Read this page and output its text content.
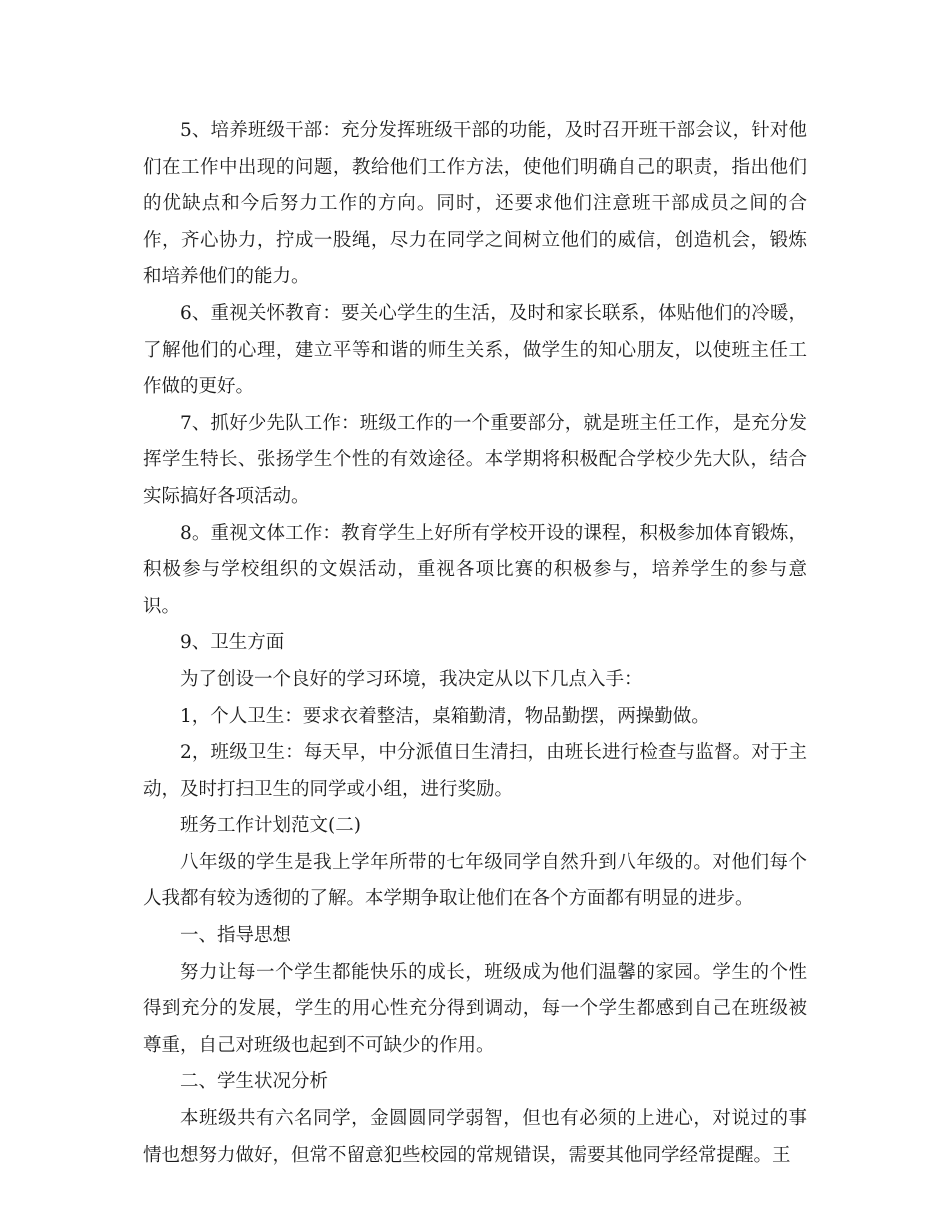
5、培养班级干部：充分发挥班级干部的功能，及时召开班干部会议，针对他们在工作中出现的问题，教给他们工作方法，使他们明确自己的职责，指出他们的优缺点和今后努力工作的方向。同时，还要求他们注意班干部成员之间的合作，齐心协力，拧成一股绳，尽力在同学之间树立他们的威信，创造机会，锻炼和培养他们的能力。

6、重视关怀教育：要关心学生的生活，及时和家长联系，体贴他们的冷暖，了解他们的心理，建立平等和谐的师生关系，做学生的知心朋友，以使班主任工作做的更好。

7、抓好少先队工作：班级工作的一个重要部分，就是班主任工作，是充分发挥学生特长、张扬学生个性的有效途径。本学期将积极配合学校少先大队，结合实际搞好各项活动。

8。重视文体工作：教育学生上好所有学校开设的课程，积极参加体育锻炼，积极参与学校组织的文娱活动，重视各项比赛的积极参与，培养学生的参与意识。

9、卫生方面

为了创设一个良好的学习环境，我决定从以下几点入手：

1，个人卫生：要求衣着整洁，桌箱勤清，物品勤摆，两操勤做。

2，班级卫生：每天早，中分派值日生清扫，由班长进行检查与监督。对于主动，及时打扫卫生的同学或小组，进行奖励。

班务工作计划范文(二)

八年级的学生是我上学年所带的七年级同学自然升到八年级的。对他们每个人我都有较为透彻的了解。本学期争取让他们在各个方面都有明显的进步。

一、指导思想

努力让每一个学生都能快乐的成长，班级成为他们温馨的家园。学生的个性得到充分的发展，学生的用心性充分得到调动，每一个学生都感到自己在班级被尊重，自己对班级也起到不可缺少的作用。

二、学生状况分析

本班级共有六名同学，金圆圆同学弱智，但也有必须的上进心，对说过的事情也想努力做好，但常不留意犯些校园的常规错误，需要其他同学经常提醒。王
